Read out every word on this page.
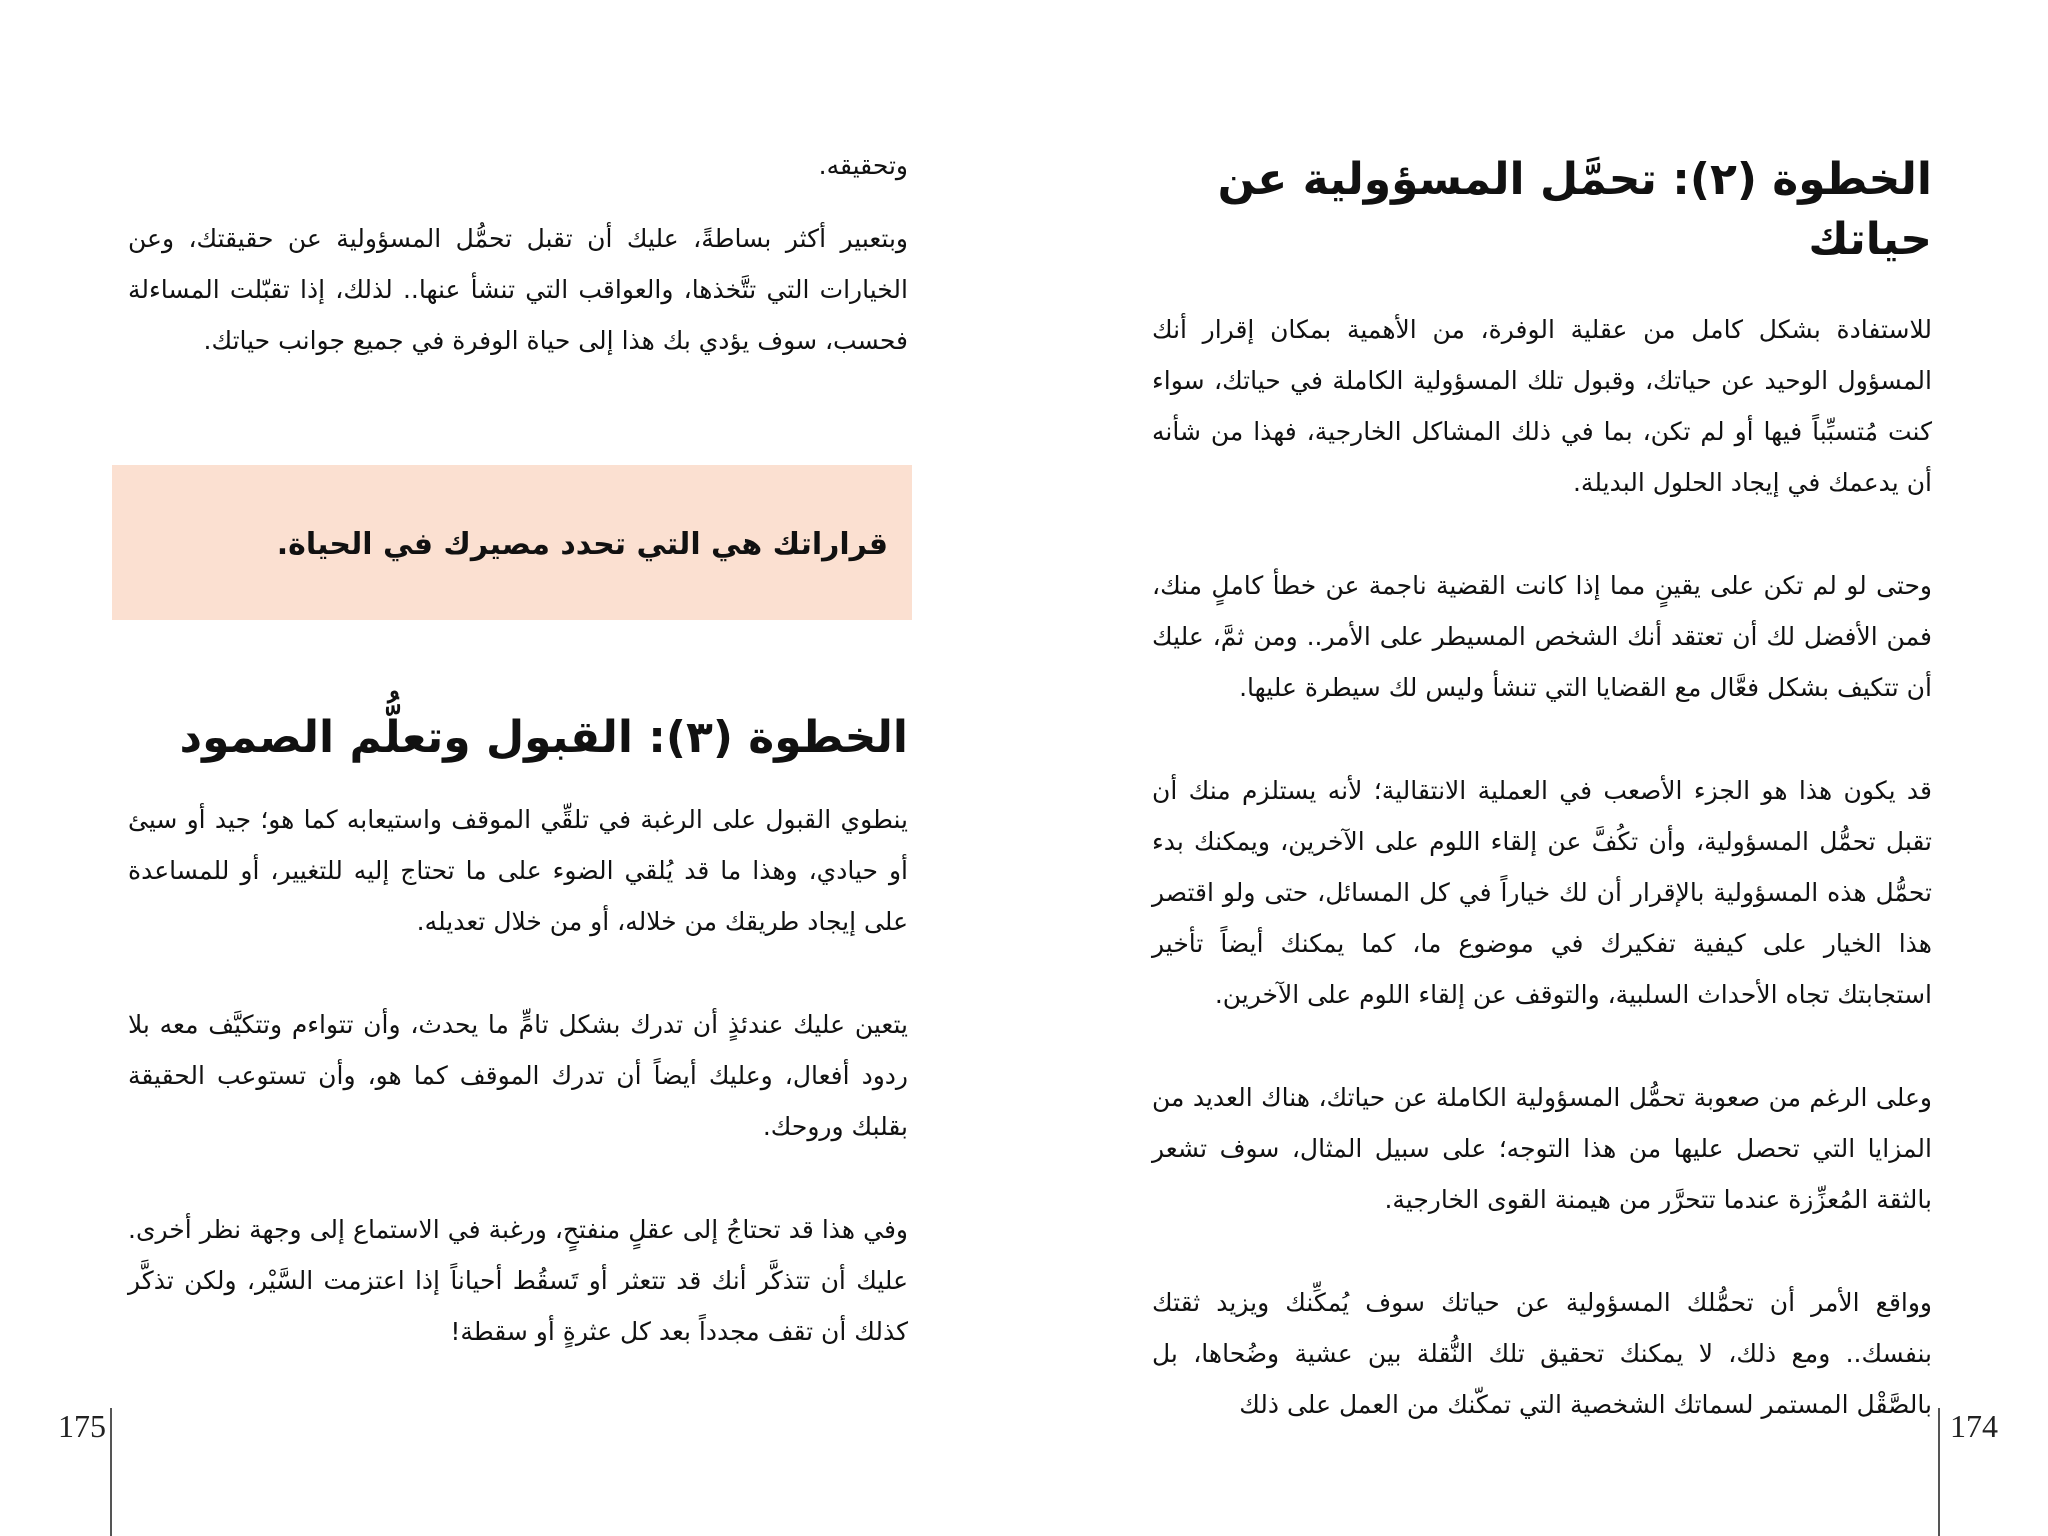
وتحقيقه.

وبتعبير أكثر بساطةً، عليك أن تقبل تحمُّل المسؤولية عن حقيقتك، وعن الخيارات التي تتَّخذها، والعواقب التي تنشأ عنها.. لذلك، إذا تقبّلت المساءلة فحسب، سوف يؤدي بك هذا إلى حياة الوفرة في جميع جوانب حياتك.

قراراتك هي التي تحدد مصيرك في الحياة.

الخطوة (٣): القبول وتعلُّم الصمود

ينطوي القبول على الرغبة في تلقِّي الموقف واستيعابه كما هو؛ جيد أو سيئ أو حيادي، وهذا ما قد يُلقي الضوء على ما تحتاج إليه للتغيير، أو للمساعدة على إيجاد طريقك من خلاله، أو من خلال تعديله.

يتعين عليك عندئذٍ أن تدرك بشكل تامٍّ ما يحدث، وأن تتواءم وتتكيَّف معه بلا ردود أفعال، وعليك أيضاً أن تدرك الموقف كما هو، وأن تستوعب الحقيقة بقلبك وروحك.

وفي هذا قد تحتاجُ إلى عقلٍ منفتحٍ، ورغبة في الاستماع إلى وجهة نظر أخرى. عليك أن تتذكَّر أنك قد تتعثر أو تَسقُط أحياناً إذا اعتزمت السَّيْر، ولكن تذكَّر كذلك أن تقف مجدداً بعد كل عثرةٍ أو سقطة!

175
الخطوة (٢): تحمَّل المسؤولية عن حياتك

للاستفادة بشكل كامل من عقلية الوفرة، من الأهمية بمكان إقرار أنك المسؤول الوحيد عن حياتك، وقبول تلك المسؤولية الكاملة في حياتك، سواء كنت مُتسبِّباً فيها أو لم تكن، بما في ذلك المشاكل الخارجية، فهذا من شأنه أن يدعمك في إيجاد الحلول البديلة.

وحتى لو لم تكن على يقينٍ مما إذا كانت القضية ناجمة عن خطأ كاملٍ منك، فمن الأفضل لك أن تعتقد أنك الشخص المسيطر على الأمر.. ومن ثمَّ، عليك أن تتكيف بشكل فعَّال مع القضايا التي تنشأ وليس لك سيطرة عليها.

قد يكون هذا هو الجزء الأصعب في العملية الانتقالية؛ لأنه يستلزم منك أن تقبل تحمُّل المسؤولية، وأن تكُفَّ عن إلقاء اللوم على الآخرين، ويمكنك بدء تحمُّل هذه المسؤولية بالإقرار أن لك خياراً في كل المسائل، حتى ولو اقتصر هذا الخيار على كيفية تفكيرك في موضوع ما، كما يمكنك أيضاً تأخير استجابتك تجاه الأحداث السلبية، والتوقف عن إلقاء اللوم على الآخرين.

وعلى الرغم من صعوبة تحمُّل المسؤولية الكاملة عن حياتك، هناك العديد من المزايا التي تحصل عليها من هذا التوجه؛ على سبيل المثال، سوف تشعر بالثقة المُعزِّزة عندما تتحرَّر من هيمنة القوى الخارجية.

وواقع الأمر أن تحمُّلك المسؤولية عن حياتك سوف يُمكِّنك ويزيد ثقتك بنفسك.. ومع ذلك، لا يمكنك تحقيق تلك النُّقلة بين عشية وضُحاها، بل بالصَّقْل المستمر لسماتك الشخصية التي تمكّنك من العمل على ذلك

174
